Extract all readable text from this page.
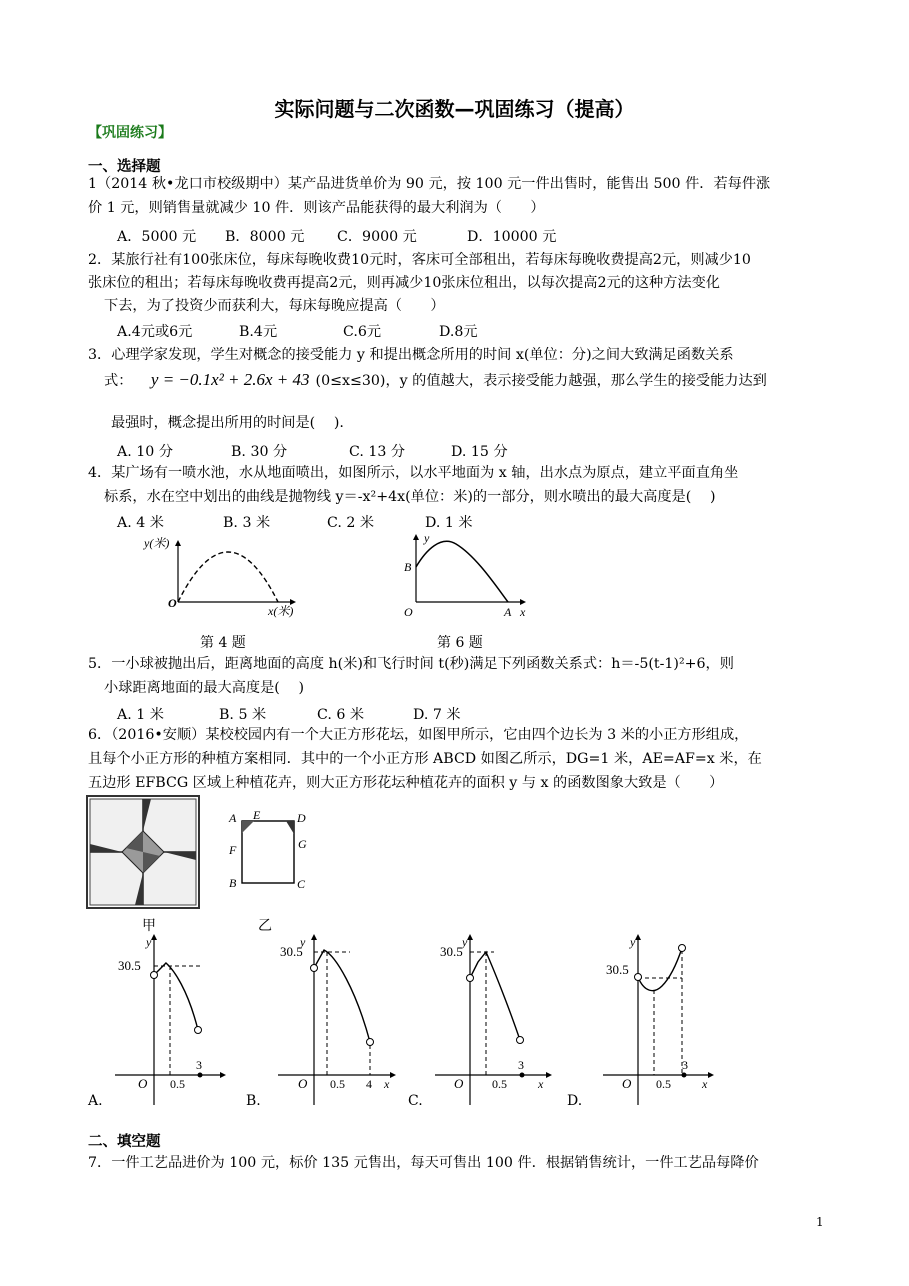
实际问题与二次函数—巩固练习（提高）
【巩固练习】
一、选择题
1（2014 秋•龙口市校级期中）某产品进货单价为 90 元，按 100 元一件出售时，能售出 500 件．若每件涨
价 1 元，则销售量就减少 10 件．则该产品能获得的最大利润为（　　）
A．5000 元 B．8000 元 C．9000 元	D．10000 元
2．某旅行社有100张床位，每床每晚收费10元时，客床可全部租出，若每床每晚收费提高2元，则减少10
张床位的租出；若每床每晚收费再提高2元，则再减少10张床位租出，以每次提高2元的这种方法变化
下去，为了投资少而获利大，每床每晚应提高（　　）
A.4元或6元	B.4元	C.6元	D.8元
3．心理学家发现，学生对概念的接受能力 y 和提出概念所用的时间 x(单位：分)之间大致满足函数关系
式： y = −0.1x² + 2.6x + 43 (0≤x≤30)，y 的值越大，表示接受能力越强，那么学生的接受能力达到
最强时，概念提出所用的时间是(　 ).
A. 10 分	B. 30 分	C. 13 分	D. 15 分
4．某广场有一喷水池，水从地面喷出，如图所示，以水平地面为 x 轴，出水点为原点，建立平面直角坐
标系，水在空中划出的曲线是抛物线 y＝-x²+4x(单位：米)的一部分，则水喷出的最大高度是(　 )
A. 4 米	B. 3 米	C. 2 米	D. 1 米
y(米)
x(米)
O
第 4 题
y
x
O
B
A
第 6 题
5．一小球被抛出后，距离地面的高度 h(米)和飞行时间 t(秒)满足下列函数关系式：h＝-5(t-1)²+6，则
小球距离地面的最大高度是(　 )
A. 1 米	B. 5 米	C. 6 米	D. 7 米
6．（2016•安顺）某校校园内有一个大正方形花坛，如图甲所示，它由四个边长为 3 米的小正方形组成，
且每个小正方形的种植方案相同．其中的一个小正方形 ABCD 如图乙所示，DG=1 米，AE=AF=x 米，在
五边形 EFBCG 区域上种植花卉，则大正方形花坛种植花卉的面积 y 与 x 的函数图象大致是（　　）
甲
A E	D
F	G
B	C
乙
y
30.5
0.5
3
O
A.
y
30.5
0.5 4 x
O
B.
y
30.5
0.5
3
x
O
C.
y
30.5
0.5
3
x
O
D.
二、填空题
7．一件工艺品进价为 100 元，标价 135 元售出，每天可售出 100 件．根据销售统计，一件工艺品每降价
1
